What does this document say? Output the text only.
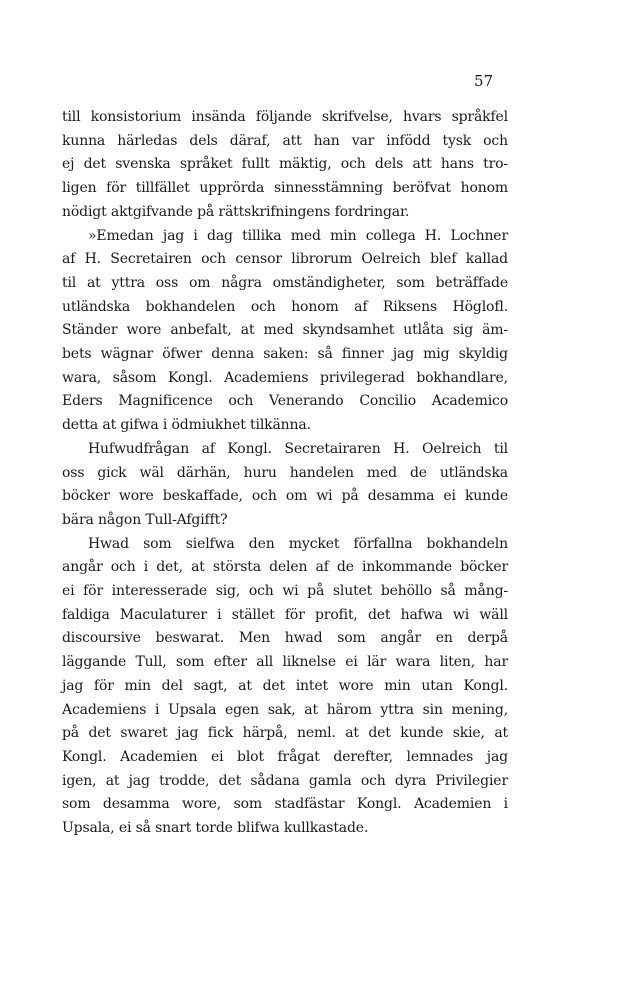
57
till konsistorium insända följande skrifvelse, hvars språkfel
kunna härledas dels däraf, att han var infödd tysk och
ej det svenska språket fullt mäktig, och dels att hans tro-
ligen för tillfället upprörda sinnesstämning beröfvat honom
nödigt aktgifvande på rättskrifningens fordringar.
»Emedan jag i dag tillika med min collega H. Lochner
af H. Secretairen och censor librorum Oelreich blef kallad
til at yttra oss om några omständigheter, som beträffade
utländska bokhandelen och honom af Riksens Höglofl.
Ständer wore anbefalt, at med skyndsamhet utlåta sig äm-
bets wägnar öfwer denna saken: så finner jag mig skyldig
wara, såsom Kongl. Academiens privilegerad bokhandlare,
Eders Magnificence och Venerando Concilio Academico
detta at gifwa i ödmiukhet tilkänna.
Hufwudfrågan af Kongl. Secretairaren H. Oelreich til
oss gick wäl därhän, huru handelen med de utländska
böcker wore beskaffade, och om wi på desamma ei kunde
bära någon Tull-Afgifft?
Hwad som sielfwa den mycket förfallna bokhandeln
angår och i det, at största delen af de inkommande böcker
ei för interesserade sig, och wi på slutet behöllo så mång-
faldiga Maculaturer i stället för profit, det hafwa wi wäll
discoursive beswarat. Men hwad som angår en derpå
läggande Tull, som efter all liknelse ei lär wara liten, har
jag för min del sagt, at det intet wore min utan Kongl.
Academiens i Upsala egen sak, at härom yttra sin mening,
på det swaret jag fick härpå, neml. at det kunde skie, at
Kongl. Academien ei blot frågat derefter, lemnades jag
igen, at jag trodde, det sådana gamla och dyra Privilegier
som desamma wore, som stadfästar Kongl. Academien i
Upsala, ei så snart torde blifwa kullkastade.
